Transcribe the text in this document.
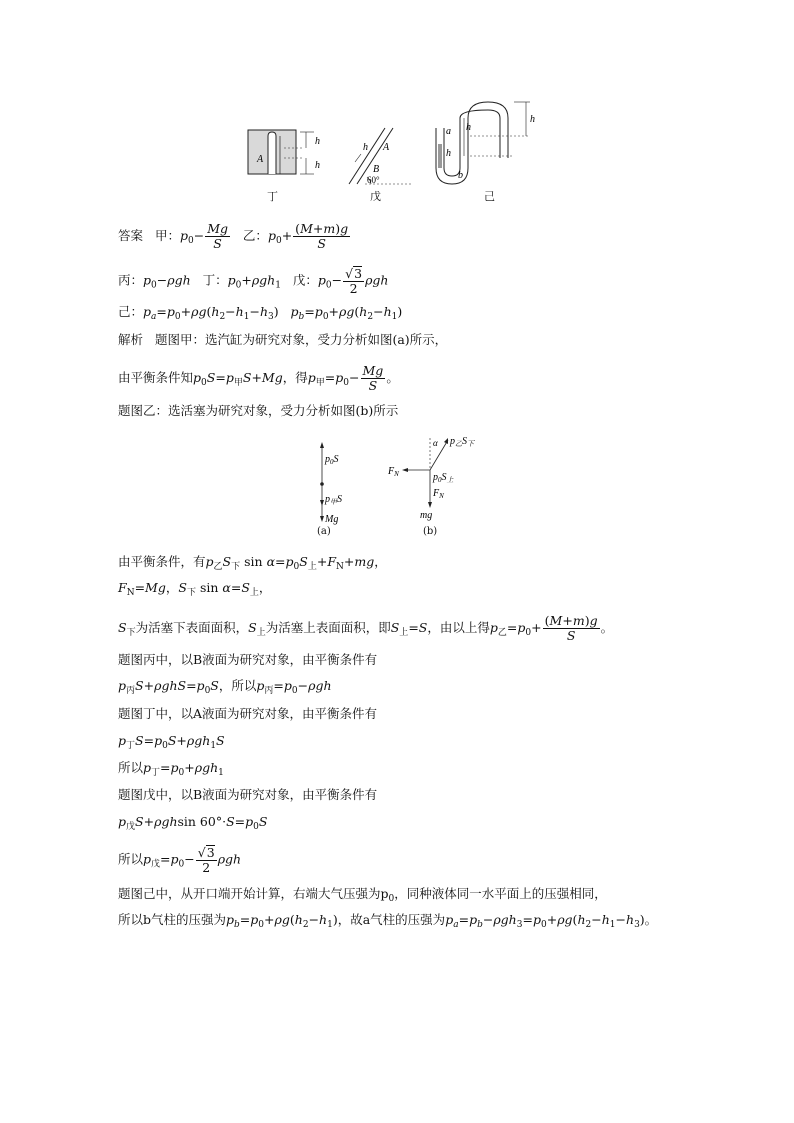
A
h
h
丁
h A
B
60°
戊
a
h
h
h
b
己
答案 甲：$p_0- \frac{Mg}{S}$ 乙：$p_0+ \frac{(M+m)g}{S}$
丙：$p_0-\rho gh$ 丁：$p_0+\rho gh_1$ 戊：$p_0- \frac{√3}{2}$ ρgh
己：$p_a=p_0+\rho g(h_2-h_1-h_3)$   $p_b=p_0+\rho g(h_2-h_1)$
解析 题图甲：选汽缸为研究对象，受力分析如图(a)所示，
由平衡条件知$p_0S=p_甲S+Mg$，得$p_甲=p_0- \frac{Mg}{S}$ 。
题图乙：选活塞为研究对象，受力分析如图(b)所示
$p_0S$
$p_甲S$
Mg
(a)
α $p_乙S_下$
$F_N$	$p_0S_上$
$F_N$
mg
(b)
由平衡条件，有$p_乙S_下$ $\sin \alpha=p_0S_上+F_N+mg$，
$F_N=Mg$，$S_下$ $\sin \alpha=S_上$，
$S_下$为活塞下表面面积，$S_上$为活塞上表面面积，即$S_上=S$，由以上得$p_乙=p_0+ \frac{(M+m)g}{S}$ 。
题图丙中，以B液面为研究对象，由平衡条件有
$p_丙S+\rho ghS=p_0S$，所以$p_丙=p_0-\rho gh$
题图丁中，以A液面为研究对象，由平衡条件有
$p_丁S=p_0S+\rho gh_1S$
所以$p_丁=p_0+\rho gh_1$
题图戊中，以B液面为研究对象，由平衡条件有
$p_戊S+\rho ghsin$ $60^\circ\cdot S=p_0S$
所以$p_戊=p_0- \frac{√3}{2}$ ρgh
题图己中，从开口端开始计算，右端大气压强为$p_0$，同种液体同一水平面上的压强相同，
所以b气柱的压强为$p_b=p_0+\rho g(h_2-h_1)$，故a气柱的压强为$p_a=p_b-\rho gh_3=p_0+\rho g(h_2-h_1-h_3)$。
